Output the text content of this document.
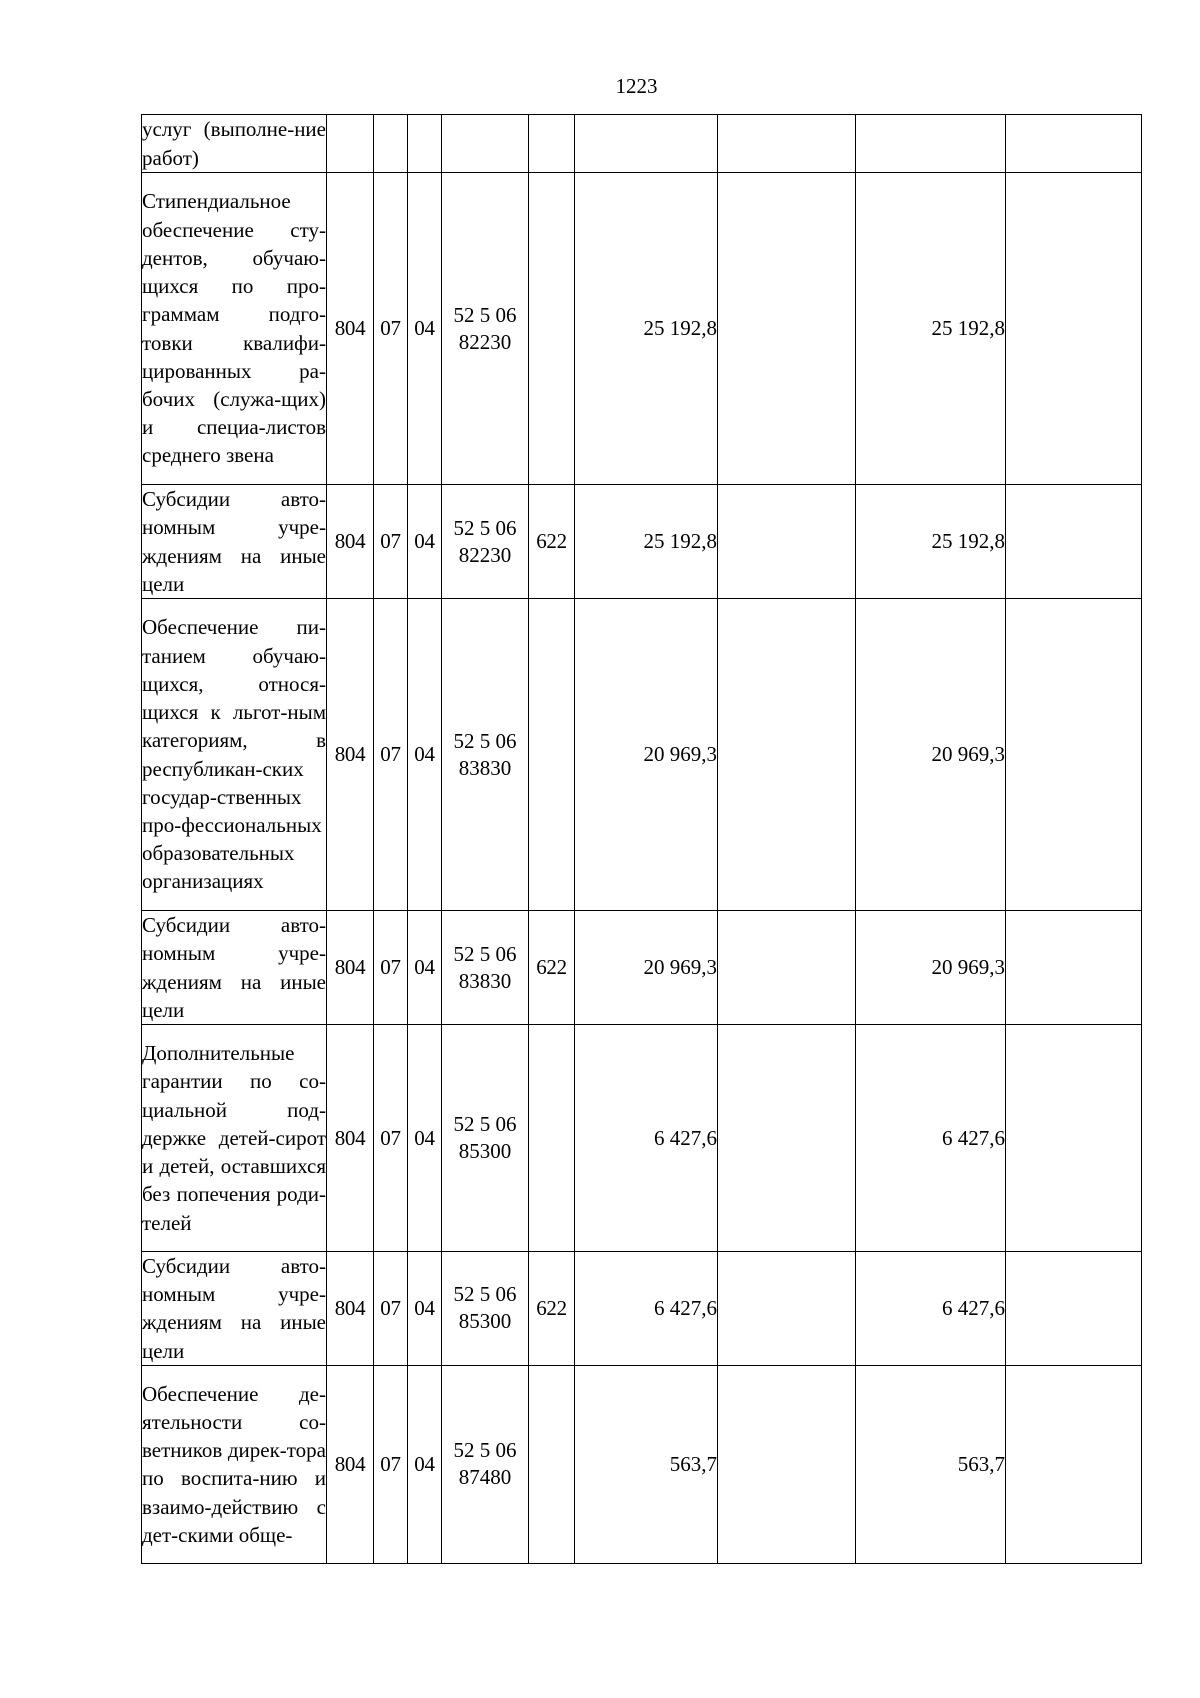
1223
услуг (выполне-ние работ)									
Стипендиальное обеспечение сту-дентов, обучаю-щихся по про-граммам подго-товки квалифи-цированных ра-бочих (служа-щих) и специа-листов среднего звена	804	07	04	52 5 06 82230		25 192,8		25 192,8	
Субсидии авто-номным учре-ждениям на иные цели	804	07	04	52 5 06 82230	622	25 192,8		25 192,8	
Обеспечение пи-танием обучаю-щихся, относя-щихся к льгот-ным категориям, в республикан-ских государ-ственных про-фессиональных образовательных организациях	804	07	04	52 5 06 83830		20 969,3		20 969,3	
Субсидии авто-номным учре-ждениям на иные цели	804	07	04	52 5 06 83830	622	20 969,3		20 969,3	
Дополнительные гарантии по со-циальной под-держке детей-сирот и детей, оставшихся без попечения роди-телей	804	07	04	52 5 06 85300		6 427,6		6 427,6	
Субсидии авто-номным учре-ждениям на иные цели	804	07	04	52 5 06 85300	622	6 427,6		6 427,6	
Обеспечение де-ятельности со-ветников дирек-тора по воспита-нию и взаимо-действию с дет-скими обще-	804	07	04	52 5 06 87480		563,7		563,7	
